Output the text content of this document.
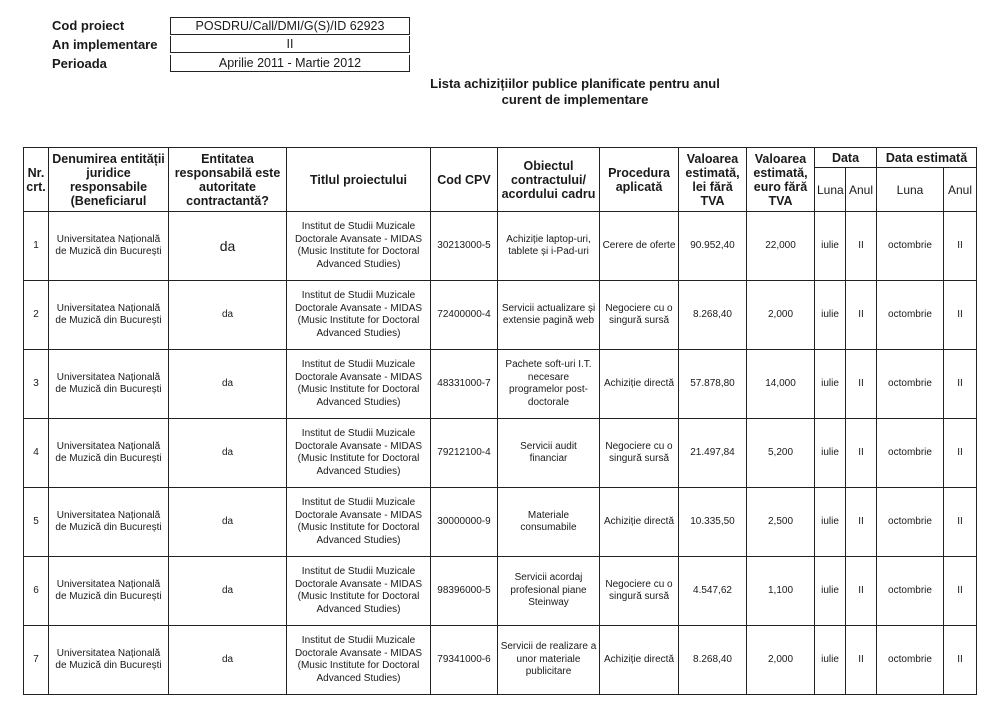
Cod proiect	POSDRU/Call/DMI/G(S)/ID 62923
An implementare	II
Perioada	Aprilie 2011 - Martie 2012
Lista achizițiilor publice planificate pentru anul
curent de implementare
Nr. crt.	Denumirea entității juridice responsabile (Beneficiarul	Entitatea responsabilă este autoritate contractantă?	Titlul proiectului	Cod CPV	Obiectul contractului/ acordului cadru	Procedura aplicată	Valoarea estimată, lei fără TVA	Valoarea estimată, euro fără TVA	Data		Data estimată	
									Luna	Anul	Luna	Anul
1	Universitatea Națională de Muzică din București	da	Institut de Studii Muzicale Doctorale Avansate - MIDAS (Music Institute for Doctoral Advanced Studies)	30213000-5	Achiziție laptop-uri, tablete și i-Pad-uri	Cerere de oferte	90.952,40	22,000	iulie	II	octombrie	II
2	Universitatea Națională de Muzică din București	da	Institut de Studii Muzicale Doctorale Avansate - MIDAS (Music Institute for Doctoral Advanced Studies)	72400000-4	Servicii actualizare și extensie pagină web	Negociere cu o singură sursă	8.268,40	2,000	iulie	II	octombrie	II
3	Universitatea Națională de Muzică din București	da	Institut de Studii Muzicale Doctorale Avansate - MIDAS (Music Institute for Doctoral Advanced Studies)	48331000-7	Pachete soft-uri I.T. necesare programelor post-doctorale	Achiziție directă	57.878,80	14,000	iulie	II	octombrie	II
4	Universitatea Națională de Muzică din București	da	Institut de Studii Muzicale Doctorale Avansate - MIDAS (Music Institute for Doctoral Advanced Studies)	79212100-4	Servicii audit financiar	Negociere cu o singură sursă	21.497,84	5,200	iulie	II	octombrie	II
5	Universitatea Națională de Muzică din București	da	Institut de Studii Muzicale Doctorale Avansate - MIDAS (Music Institute for Doctoral Advanced Studies)	30000000-9	Materiale consumabile	Achiziție directă	10.335,50	2,500	iulie	II	octombrie	II
6	Universitatea Națională de Muzică din București	da	Institut de Studii Muzicale Doctorale Avansate - MIDAS (Music Institute for Doctoral Advanced Studies)	98396000-5	Servicii acordaj profesional piane Steinway	Negociere cu o singură sursă	4.547,62	1,100	iulie	II	octombrie	II
7	Universitatea Națională de Muzică din București	da	Institut de Studii Muzicale Doctorale Avansate - MIDAS (Music Institute for Doctoral Advanced Studies)	79341000-6	Servicii de realizare a unor materiale publicitare	Achiziție directă	8.268,40	2,000	iulie	II	octombrie	II
